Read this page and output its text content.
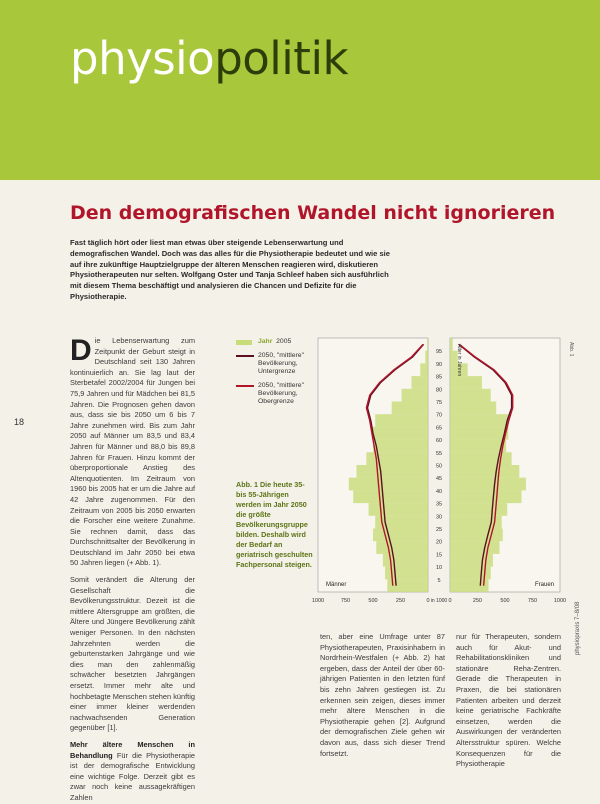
physiopolitik
Den demografischen Wandel nicht ignorieren

Fast täglich hört oder liest man etwas über steigende Lebenserwartung und demografischen Wandel. Doch was das alles für die Physiotherapie bedeutet und wie sie auf ihre zukünftige Hauptzielgruppe der älteren Menschen reagieren wird, diskutieren Physiotherapeuten nur selten. Wolfgang Oster und Tanja Schleef haben sich ausführlich mit diesem Thema beschäftigt und analysieren die Chancen und Defizite für die Physiotherapie.

18

Die Lebenserwartung zum Zeitpunkt der Geburt steigt in Deutschland seit 130 Jahren kontinuierlich an. Sie lag laut der Sterbetafel 2002/2004 für Jungen bei 75,9 Jahren und für Mädchen bei 81,5 Jahren. Die Prognosen gehen davon aus, dass sie bis 2050 um 6 bis 7 Jahre zunehmen wird. Bis zum Jahr 2050 auf Männer um 83,5 und 83,4 Jahren für Männer und 88,0 bis 89,8 Jahren für Frauen. Hinzu kommt der überproportionale Anstieg des Altenquotienten. Im Zeitraum von 1960 bis 2005 hat er um die Jahre auf 42 Jahre zugenommen. Für den Zeitraum von 2005 bis 2050 erwarten die Forscher eine weitere Zunahme. Sie rechnen damit, dass das Durchschnittsalter der Bevölkerung in Deutschland im Jahr 2050 bei etwa 50 Jahren liegen (+ Abb. 1).

Somit verändert die Alterung der Gesellschaft die Bevölkerungsstruktur. Dezeit ist die mittlere Altersgruppe am größten, die Ältere und Jüngere Bevölkerung zählt weniger Personen. In den nächsten Jahrzehnten werden die geburtenstarken Jahrgänge und wie dies man den zahlenmäßig schwächer besetzten Jahrgängen ersetzt. Immer mehr alte und hochbetagte Menschen stehen künftig einer immer kleiner werdenden nachwachsenden Generation gegenüber [1].

Mehr ältere Menschen in Behandlung Für die Physiotherapie ist der demografische Entwicklung eine wichtige Folge. Derzeit gibt es zwar noch keine aussagekräftigen Zahlen

Jahr 2005
2050, "mittlere" Bevölkerung, Untergrenze
2050, "mittlere" Bevölkerung, Obergrenze
Abb. 1 Die heute 35- bis 55-Jährigen werden im Jahr 2050 die größte Bevölkerungsgruppe bilden. Deshalb wird der Bedarf an geriatrisch geschulten Fachpersonal steigen.
5
10
15
20
25
30
35
40
45
50
55
60
65
70
75
80
85
90
95
1000	750	500	250	0	0	250	500	750	1000
in 1000
Männer	Frauen
Alter in Jahren	Abb. 1
ten, aber eine Umfrage unter 87 Physiotherapeuten, Praxisinhabern in Nordrhein-Westfalen (+ Abb. 2) hat ergeben, dass der Anteil der über 60-jährigen Patienten in den letzten fünf bis zehn Jahren gestiegen ist. Zu erkennen sein zeigen, dieses immer mehr ältere Menschen in die Physiotherapie gehen [2]. Aufgrund der demografischen Ziele gehen wir davon aus, dass sich dieser Trend fortsetzt.
nur für Therapeuten, sondern auch für Akut- und Rehabilitationskliniken und stationäre Reha-Zentren. Gerade die Therapeuten in Praxen, die bei stationären Patienten arbeiten und derzeit keine geriatrische Fachkräfte einsetzen, werden die Auswirkungen der veränderten Altersstruktur spüren. Welche Konsequenzen für die Physiotherapie
physiopraxis 7–8/08
